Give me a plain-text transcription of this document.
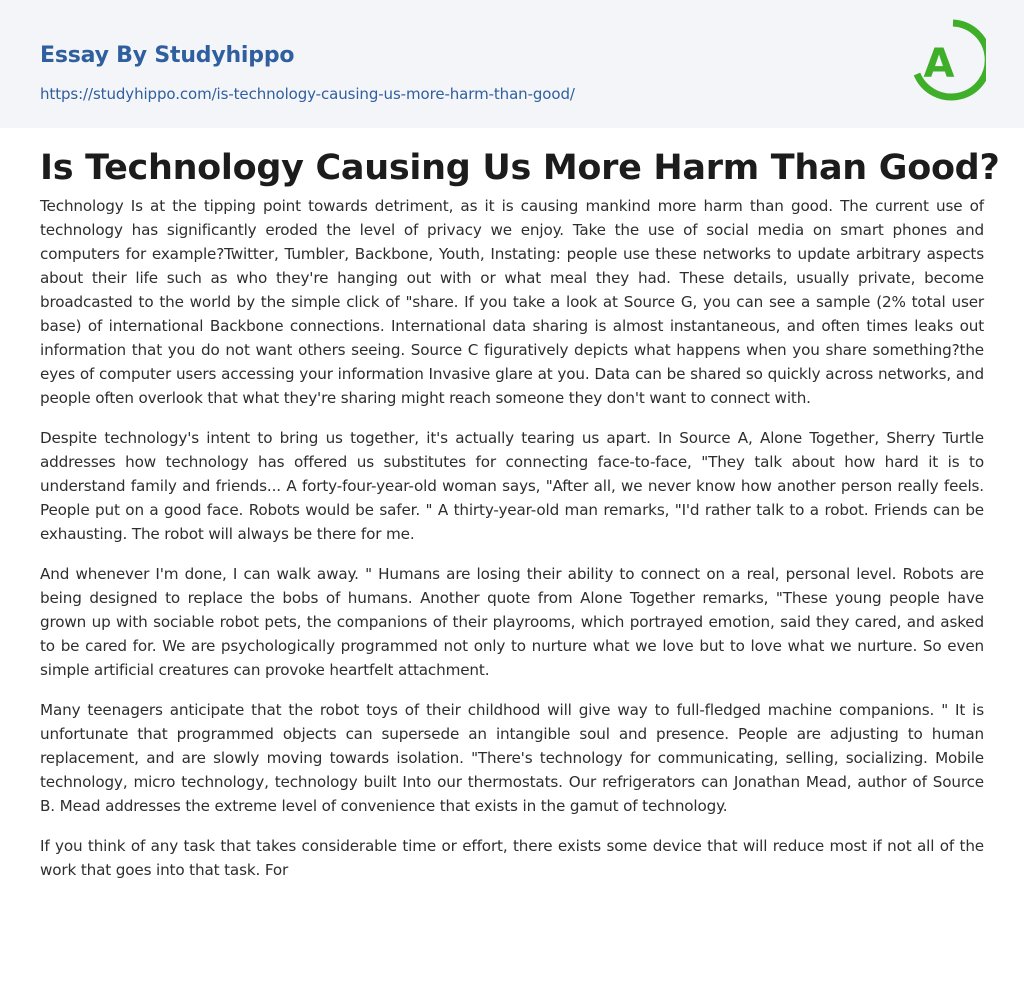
Essay By Studyhippo
https://studyhippo.com/is-technology-causing-us-more-harm-than-good/
A
Is Technology Causing Us More Harm Than Good?

Technology Is at the tipping point towards detriment, as it is causing mankind more harm than good. The current use of technology has significantly eroded the level of privacy we enjoy. Take the use of social media on smart phones and computers for example?Twitter, Tumbler, Backbone, Youth, Instating: people use these networks to update arbitrary aspects about their life such as who they're hanging out with or what meal they had. These details, usually private, become broadcasted to the world by the simple click of "share. If you take a look at Source G, you can see a sample (2% total user base) of international Backbone connections. International data sharing is almost instantaneous, and often times leaks out information that you do not want others seeing. Source C figuratively depicts what happens when you share something?the eyes of computer users accessing your information Invasive glare at you. Data can be shared so quickly across networks, and people often overlook that what they're sharing might reach someone they don't want to connect with.

Despite technology's intent to bring us together, it's actually tearing us apart. In Source A, Alone Together, Sherry Turtle addresses how technology has offered us substitutes for connecting face-to-face, "They talk about how hard it is to understand family and friends... A forty-four-year-old woman says, "After all, we never know how another person really feels. People put on a good face. Robots would be safer. " A thirty-year-old man remarks, "I'd rather talk to a robot. Friends can be exhausting. The robot will always be there for me.

And whenever I'm done, I can walk away. " Humans are losing their ability to connect on a real, personal level. Robots are being designed to replace the bobs of humans. Another quote from Alone Together remarks, "These young people have grown up with sociable robot pets, the companions of their playrooms, which portrayed emotion, said they cared, and asked to be cared for. We are psychologically programmed not only to nurture what we love but to love what we nurture. So even simple artificial creatures can provoke heartfelt attachment.

Many teenagers anticipate that the robot toys of their childhood will give way to full-fledged machine companions. " It is unfortunate that programmed objects can supersede an intangible soul and presence. People are adjusting to human replacement, and are slowly moving towards isolation. "There's technology for communicating, selling, socializing. Mobile technology, micro technology, technology built Into our thermostats. Our refrigerators can Jonathan Mead, author of Source B. Mead addresses the extreme level of convenience that exists in the gamut of technology.

If you think of any task that takes considerable time or effort, there exists some device that will reduce most if not all of the work that goes into that task. For
